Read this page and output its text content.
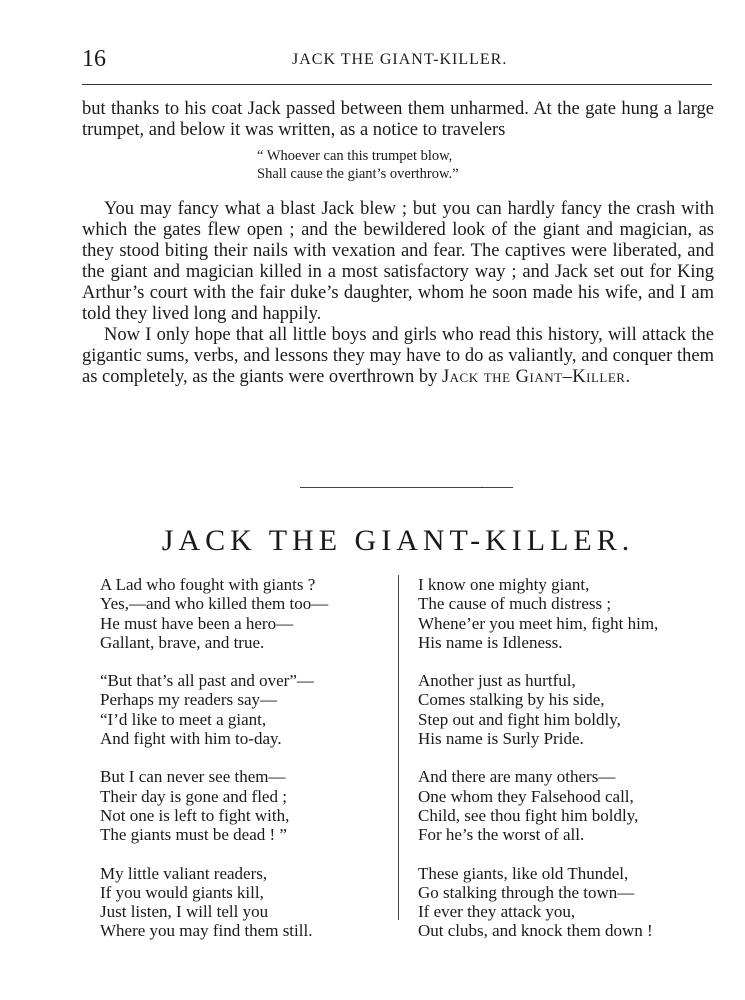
16	JACK THE GIANT-KILLER.

but thanks to his coat Jack passed between them unharmed. At the gate hung a large trumpet, and below it was written, as a notice to travelers

“ Whoever can this trumpet blow,
Shall cause the giant’s overthrow.”

You may fancy what a blast Jack blew ; but you can hardly fancy the crash with which the gates flew open ; and the bewildered look of the giant and magician, as they stood biting their nails with vexation and fear. The captives were liberated, and the giant and magician killed in a most satisfactory way ; and Jack set out for King Arthur’s court with the fair duke’s daughter, whom he soon made his wife, and I am told they lived long and happily.

Now I only hope that all little boys and girls who read this history, will attack the gigantic sums, verbs, and lessons they may have to do as valiantly, and conquer them as completely, as the giants were overthrown by Jack the Giant–Killer.

·
JACK THE GIANT-KILLER.
A Lad who fought with giants ?
Yes,—and who killed them too—
He must have been a hero—
Gallant, brave, and true.
“But that’s all past and over”—
Perhaps my readers say—
“I’d like to meet a giant,
And fight with him to-day.
But I can never see them—
Their day is gone and fled ;
Not one is left to fight with,
The giants must be dead ! ”
My little valiant readers,
If you would giants kill,
Just listen, I will tell you
Where you may find them still.
I know one mighty giant,
The cause of much distress ;
Whene’er you meet him, fight him,
His name is Idleness.
Another just as hurtful,
Comes stalking by his side,
Step out and fight him boldly,
His name is Surly Pride.
And there are many others—
One whom they Falsehood call,
Child, see thou fight him boldly,
For he’s the worst of all.
These giants, like old Thundel,
Go stalking through the town—
If ever they attack you,
Out clubs, and knock them down !
